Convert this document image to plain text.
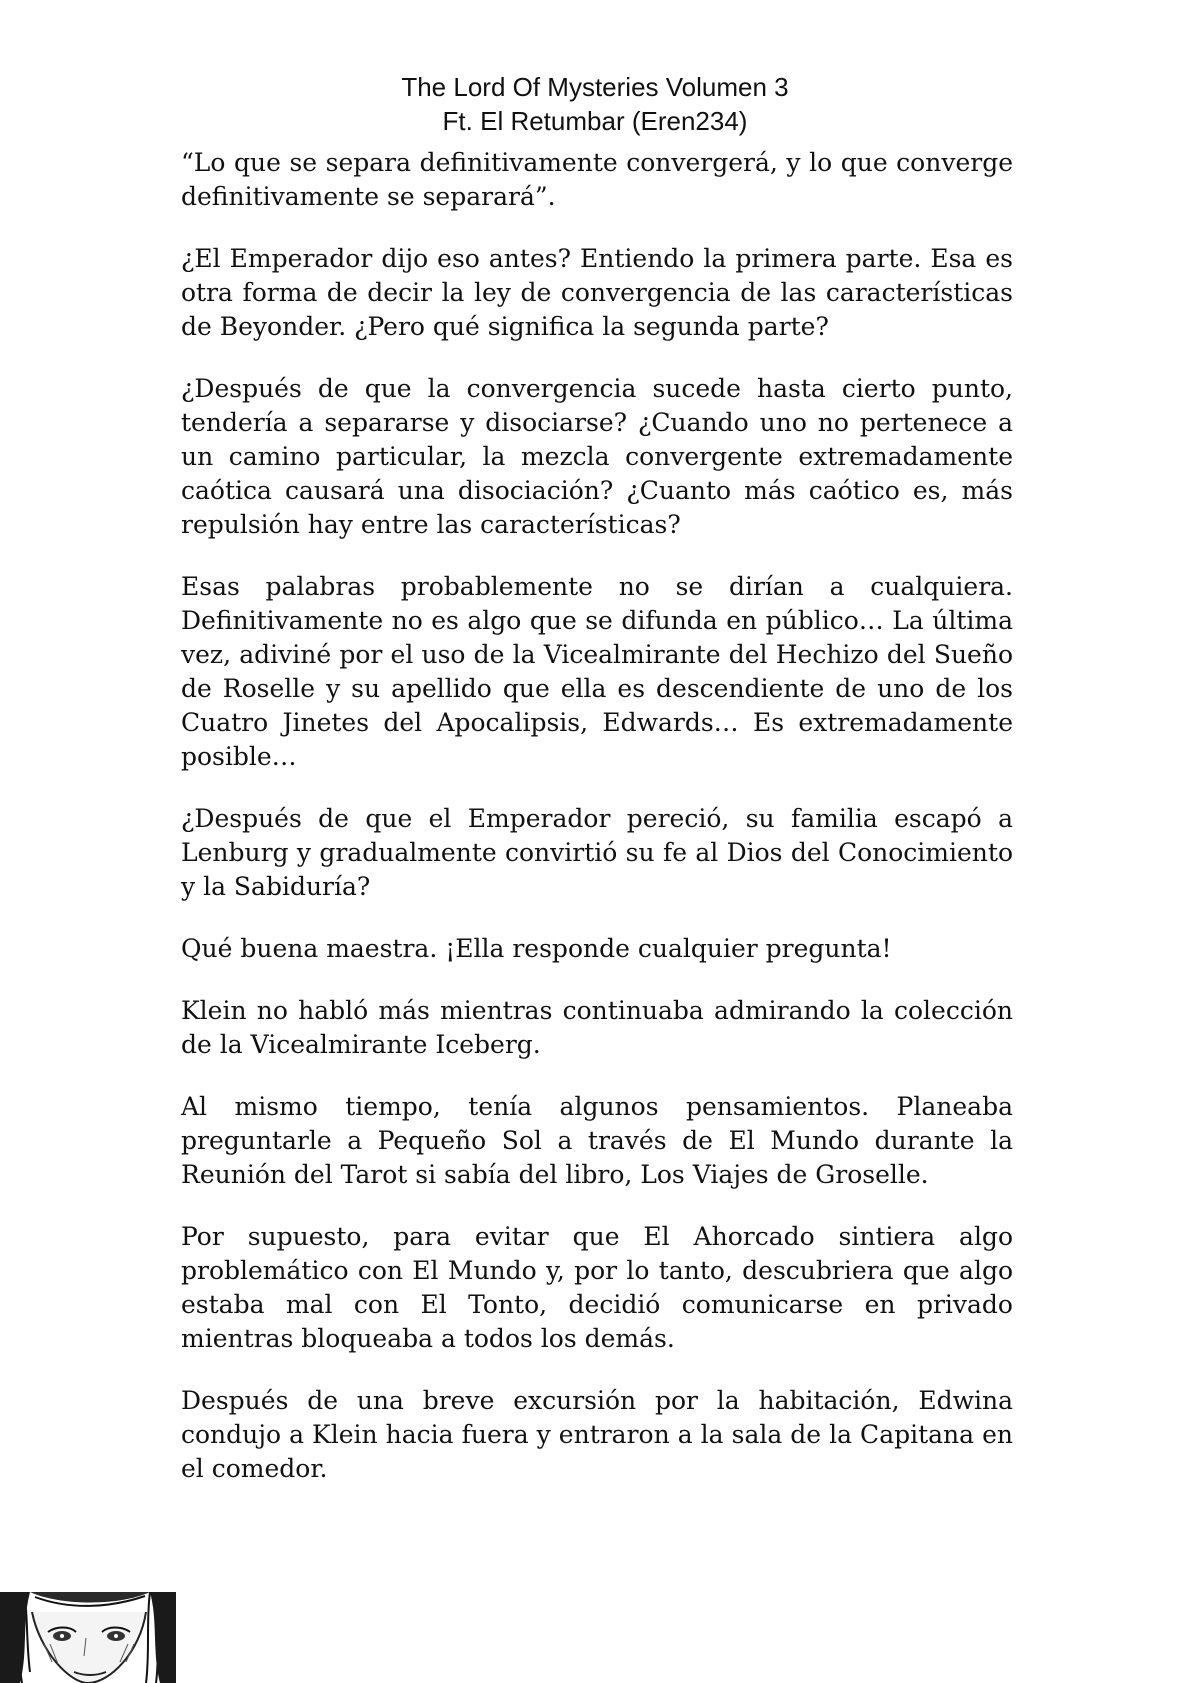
The Lord Of Mysteries Volumen 3
Ft. El Retumbar (Eren234)

“Lo que se separa definitivamente convergerá, y lo que converge definitivamente se separará”.

¿El Emperador dijo eso antes? Entiendo la primera parte. Esa es otra forma de decir la ley de convergencia de las características de Beyonder. ¿Pero qué significa la segunda parte?

¿Después de que la convergencia sucede hasta cierto punto, tendería a separarse y disociarse? ¿Cuando uno no pertenece a un camino particular, la mezcla convergente extremadamente caótica causará una disociación? ¿Cuanto más caótico es, más repulsión hay entre las características?

Esas palabras probablemente no se dirían a cualquiera. Definitivamente no es algo que se difunda en público… La última vez, adiviné por el uso de la Vicealmirante del Hechizo del Sueño de Roselle y su apellido que ella es descendiente de uno de los Cuatro Jinetes del Apocalipsis, Edwards… Es extremadamente posible…

¿Después de que el Emperador pereció, su familia escapó a Lenburg y gradualmente convirtió su fe al Dios del Conocimiento y la Sabiduría?

Qué buena maestra. ¡Ella responde cualquier pregunta!

Klein no habló más mientras continuaba admirando la colección de la Vicealmirante Iceberg.

Al mismo tiempo, tenía algunos pensamientos. Planeaba preguntarle a Pequeño Sol a través de El Mundo durante la Reunión del Tarot si sabía del libro, Los Viajes de Groselle.

Por supuesto, para evitar que El Ahorcado sintiera algo problemático con El Mundo y, por lo tanto, descubriera que algo estaba mal con El Tonto, decidió comunicarse en privado mientras bloqueaba a todos los demás.

Después de una breve excursión por la habitación, Edwina condujo a Klein hacia fuera y entraron a la sala de la Capitana en el comedor.
